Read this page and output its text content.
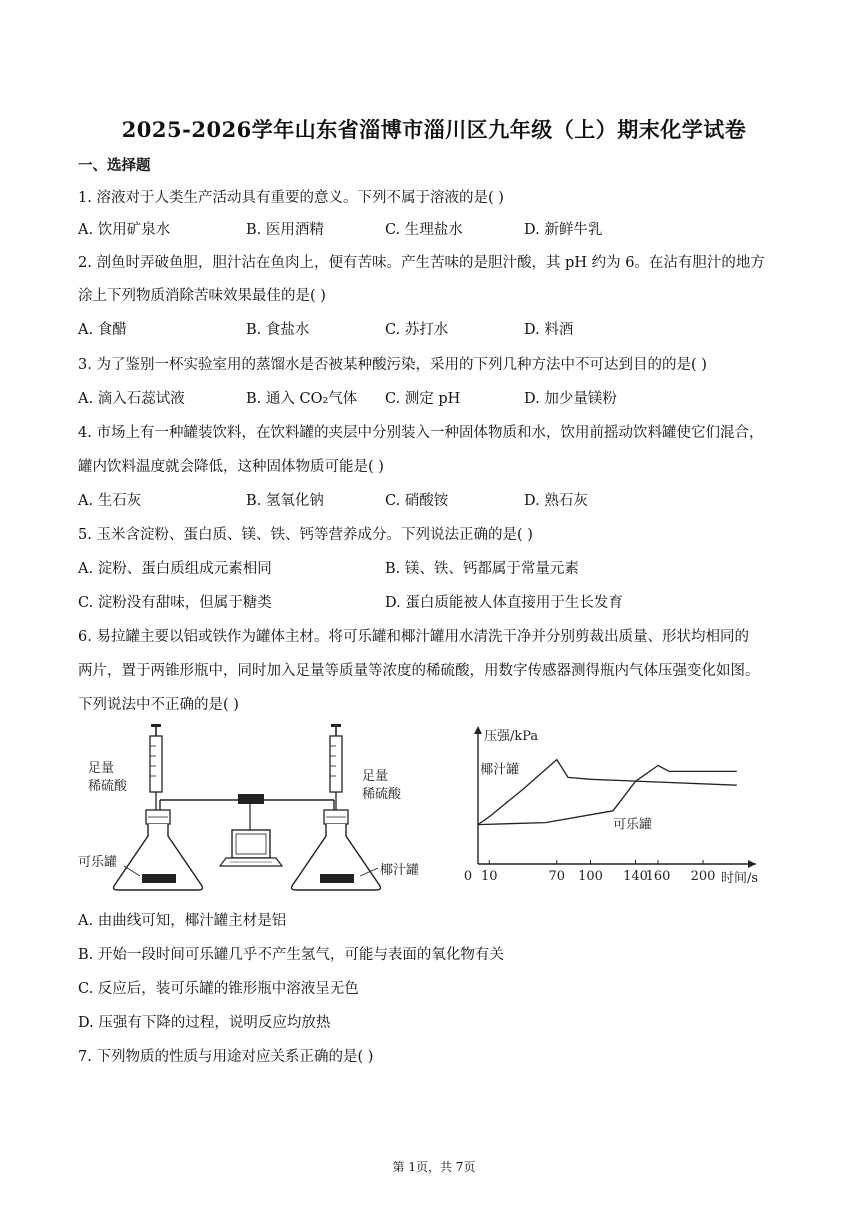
2025-2026学年山东省淄博市淄川区九年级（上）期末化学试卷
一、选择题
1. 溶液对于人类生产活动具有重要的意义。下列不属于溶液的是( )
A. 饮用矿泉水	B. 医用酒精	C. 生理盐水	D. 新鲜牛乳
2. 剖鱼时弄破鱼胆，胆汁沾在鱼肉上，便有苦味。产生苦味的是胆汁酸，其 pH 约为 6。在沾有胆汁的地方
涂上下列物质消除苦味效果最佳的是( )
A. 食醋	B. 食盐水	C. 苏打水	D. 料酒
3. 为了鉴别一杯实验室用的蒸馏水是否被某种酸污染，采用的下列几种方法中不可达到目的的是( )
A. 滴入石蕊试液	B. 通入 CO₂气体 C. 测定 pH	D. 加少量镁粉
4. 市场上有一种罐装饮料，在饮料罐的夹层中分别装入一种固体物质和水，饮用前摇动饮料罐使它们混合，
罐内饮料温度就会降低，这种固体物质可能是( )
A. 生石灰	B. 氢氧化钠	C. 硝酸铵	D. 熟石灰
5. 玉米含淀粉、蛋白质、镁、铁、钙等营养成分。下列说法正确的是( )
A. 淀粉、蛋白质组成元素相同	B. 镁、铁、钙都属于常量元素
C. 淀粉没有甜味，但属于糖类	D. 蛋白质能被人体直接用于生长发育
6. 易拉罐主要以铝或铁作为罐体主材。将可乐罐和椰汁罐用水清洗干净并分别剪裁出质量、形状均相同的
两片，置于两锥形瓶中，同时加入足量等质量等浓度的稀硫酸，用数字传感器测得瓶内气体压强变化如图。
下列说法中不正确的是( )
足量
稀硫酸
足量
稀硫酸
可乐罐
椰汁罐	0 10	70 100 140
160 200
压强/kPa
时间/s
椰汁罐
可乐罐
A. 由曲线可知，椰汁罐主材是铝
B. 开始一段时间可乐罐几乎不产生氢气，可能与表面的氧化物有关
C. 反应后，装可乐罐的锥形瓶中溶液呈无色
D. 压强有下降的过程，说明反应均放热
7. 下列物质的性质与用途对应关系正确的是( )
第 1页，共 7页
